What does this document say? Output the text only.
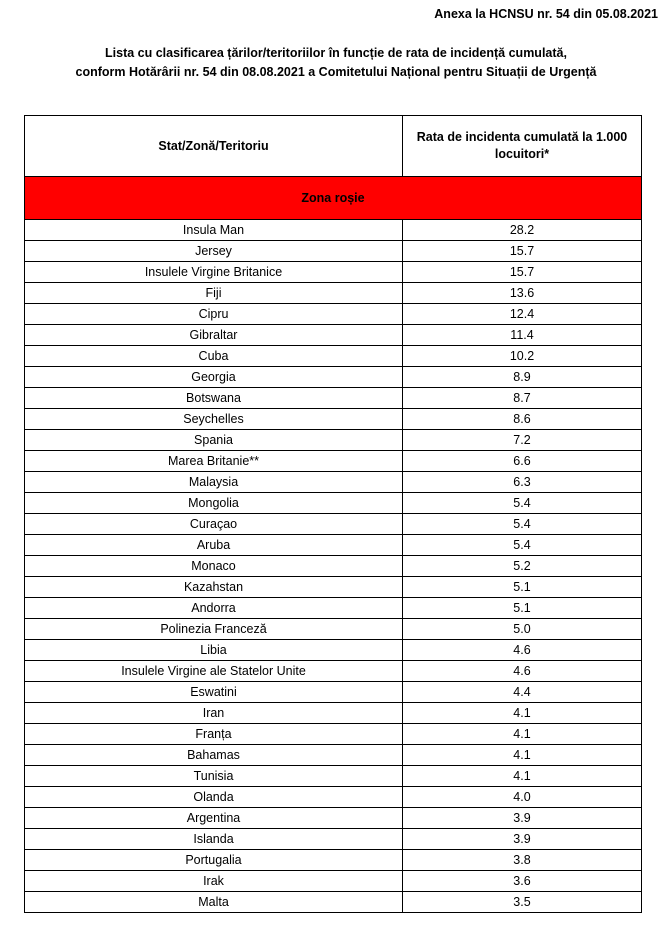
Anexa la HCNSU nr. 54 din 05.08.2021
Lista cu clasificarea țărilor/teritoriilor în funcție de rata de incidență cumulată,
conform Hotărârii nr. 54 din 08.08.2021 a Comitetului Național pentru Situații de Urgență
Stat/Zonă/Teritoriu	Rata de incidenta cumulată la 1.000 locuitori*
Zona roșie	
Insula Man	28.2
Jersey	15.7
Insulele Virgine Britanice	15.7
Fiji	13.6
Cipru	12.4
Gibraltar	11.4
Cuba	10.2
Georgia	8.9
Botswana	8.7
Seychelles	8.6
Spania	7.2
Marea Britanie**	6.6
Malaysia	6.3
Mongolia	5.4
Curaçao	5.4
Aruba	5.4
Monaco	5.2
Kazahstan	5.1
Andorra	5.1
Polinezia Franceză	5.0
Libia	4.6
Insulele Virgine ale Statelor Unite	4.6
Eswatini	4.4
Iran	4.1
Franța	4.1
Bahamas	4.1
Tunisia	4.1
Olanda	4.0
Argentina	3.9
Islanda	3.9
Portugalia	3.8
Irak	3.6
Malta	3.5
